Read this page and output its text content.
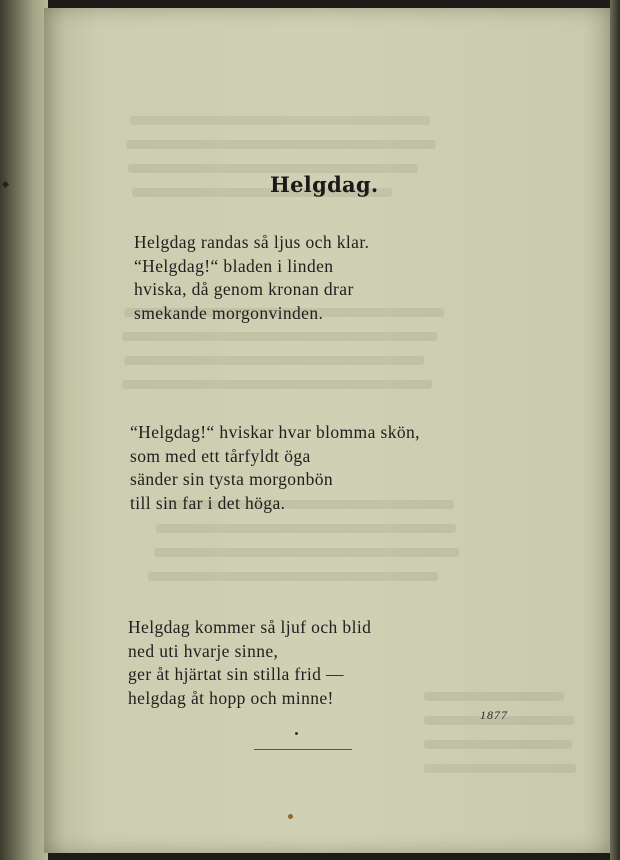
Helgdag.
Helgdag randas så ljus och klar.
“Helgdag!“ bladen i linden
hviska, då genom kronan drar
smekande morgonvinden.
“Helgdag!“ hviskar hvar blomma skön,
som med ett tårfyldt öga
sänder sin tysta morgonbön
till sin far i det höga.
Helgdag kommer så ljuf och blid
ned uti hvarje sinne,
ger åt hjärtat sin stilla frid —
helgdag åt hopp och minne!
1877
